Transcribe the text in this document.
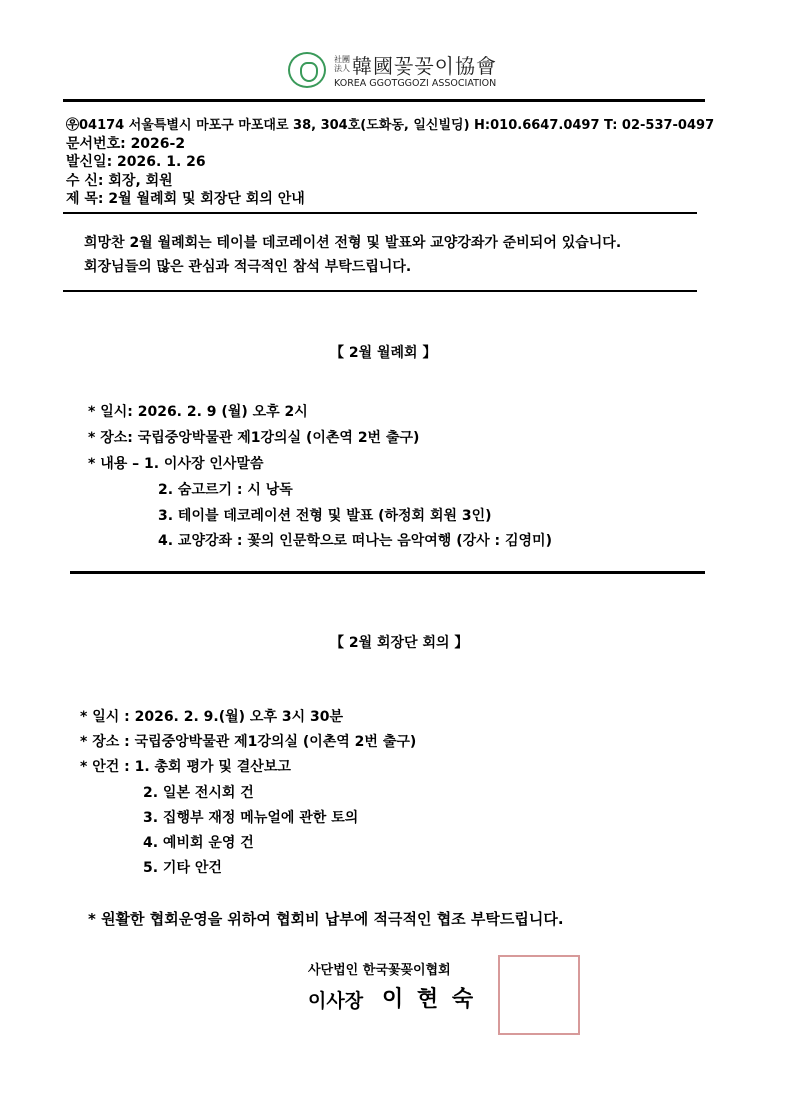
社團法人 韓國꽃꽂이協會
KOREA GGOTGGOZI ASSOCIATION
㉾04174 서울특별시 마포구 마포대로 38, 304호(도화동, 일신빌딩) H:010.6647.0497 T: 02-537-0497
문서번호: 2026-2
발신일: 2026. 1. 26
수 신: 회장, 회원
제 목: 2월 월례회 및 회장단 회의 안내
희망찬 2월 월례회는 테이블 데코레이션 전형 및 발표와 교양강좌가 준비되어 있습니다.
회장님들의 많은 관심과 적극적인 참석 부탁드립니다.
【 2월 월례회 】
* 일시: 2026. 2. 9 (월) 오후 2시
* 장소: 국립중앙박물관 제1강의실 (이촌역 2번 출구)
* 내용 – 1. 이사장 인사말씀
2. 숨고르기 : 시 낭독
3. 테이블 데코레이션 전형 및 발표 (하정회 회원 3인)
4. 교양강좌 : 꽃의 인문학으로 떠나는 음악여행 (강사 : 김영미)
【 2월 회장단 회의 】
* 일시 : 2026. 2. 9.(월) 오후 3시 30분
* 장소 : 국립중앙박물관 제1강의실 (이촌역 2번 출구)
* 안건 : 1. 총회 평가 및 결산보고
2. 일본 전시회 건
3. 집행부 재정 메뉴얼에 관한 토의
4. 예비회 운영 건
5. 기타 안건
* 원활한 협회운영을 위하여 협회비 납부에 적극적인 협조 부탁드립니다.
사단법인 한국꽃꽂이협회
이사장 이 현 숙
